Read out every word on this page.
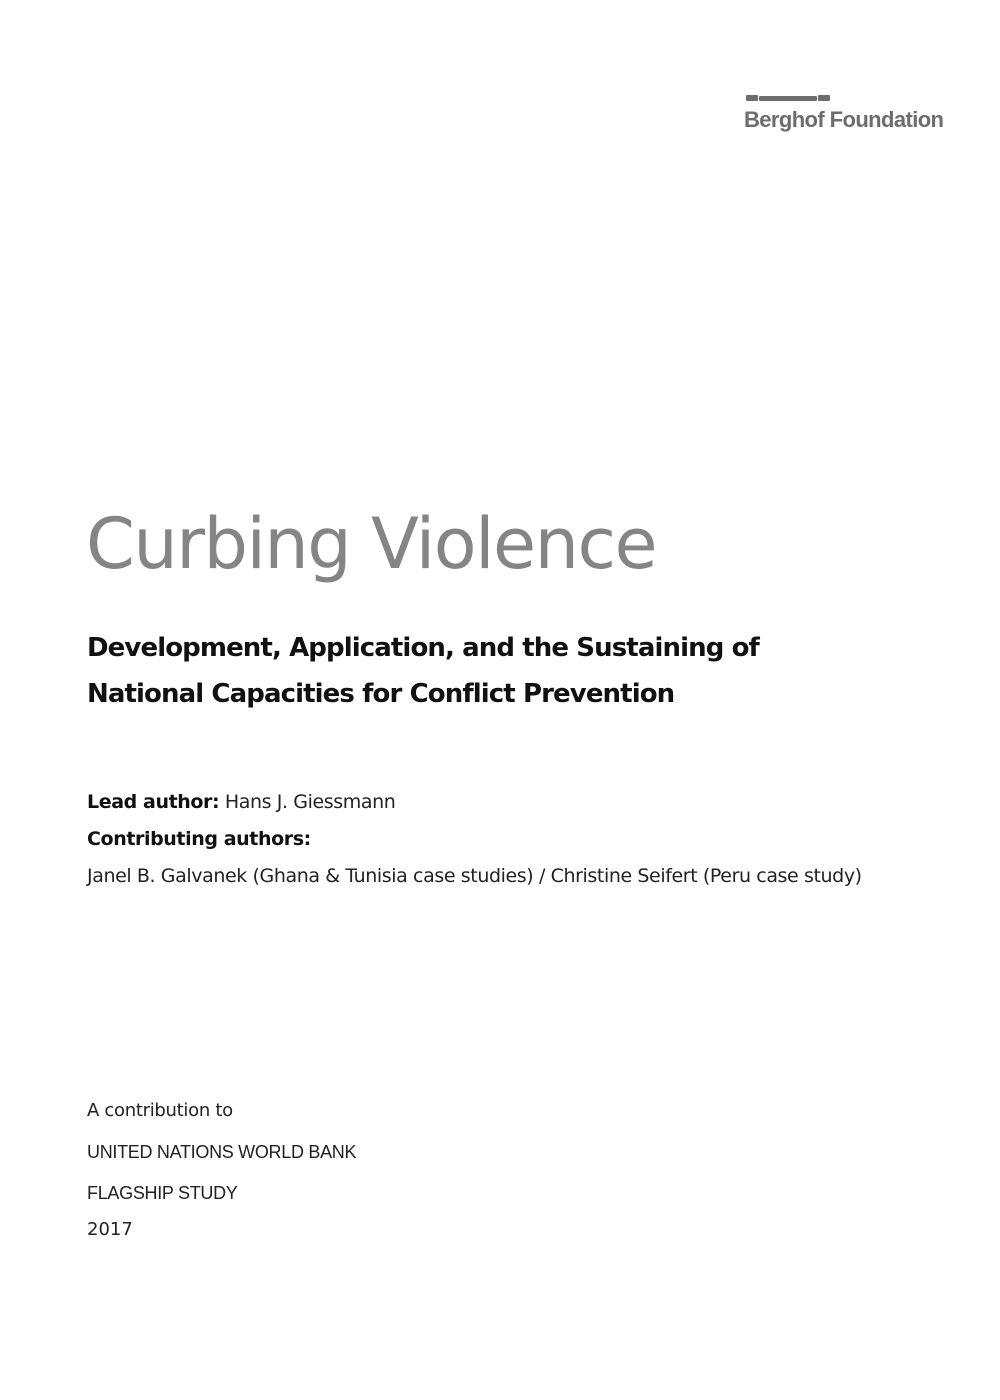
Berghof Foundation
Curbing Violence
Development, Application, and the Sustaining of
National Capacities for Conflict Prevention
Lead author: Hans J. Giessmann
Contributing authors:
Janel B. Galvanek (Ghana & Tunisia case studies) / Christine Seifert (Peru case study)
A contribution to
UNITED NATIONS WORLD BANK
FLAGSHIP STUDY
2017
